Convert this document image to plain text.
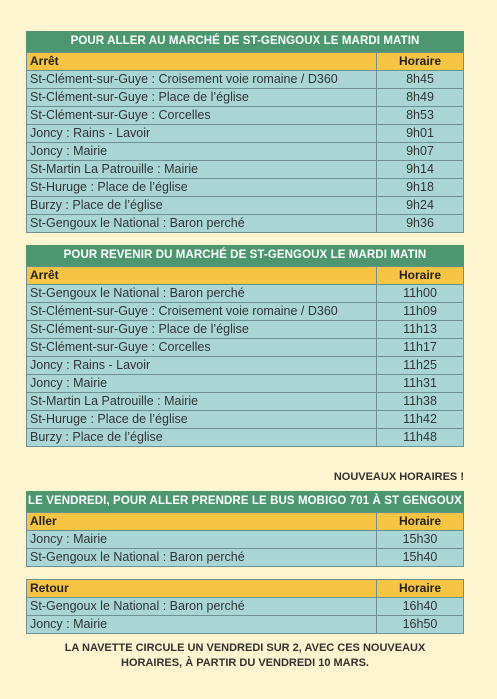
POUR ALLER AU MARCHÉ DE ST-GENGOUX LE MARDI MATIN
Arrêt	Horaire
St-Clément-sur-Guye : Croisement voie romaine / D360	8h45
St-Clément-sur-Guye : Place de l’église	8h49
St-Clément-sur-Guye : Corcelles	8h53
Joncy : Rains - Lavoir	9h01
Joncy : Mairie	9h07
St-Martin La Patrouille : Mairie	9h14
St-Huruge : Place de l’église	9h18
Burzy : Place de l’église	9h24
St-Gengoux le National : Baron perché	9h36
POUR REVENIR DU MARCHÉ DE ST-GENGOUX LE MARDI MATIN
Arrêt	Horaire
St-Gengoux le National : Baron perché	11h00
St-Clément-sur-Guye : Croisement voie romaine / D360	11h09
St-Clément-sur-Guye : Place de l’église	11h13
St-Clément-sur-Guye : Corcelles	11h17
Joncy : Rains - Lavoir	11h25
Joncy : Mairie	11h31
St-Martin La Patrouille : Mairie	11h38
St-Huruge : Place de l’église	11h42
Burzy : Place de l’église	11h48
NOUVEAUX HORAIRES !
LE VENDREDI, POUR ALLER PRENDRE LE BUS MOBIGO 701 À ST GENGOUX
Aller	Horaire
Joncy : Mairie	15h30
St-Gengoux le National : Baron perché	15h40
Retour	Horaire
St-Gengoux le National : Baron perché	16h40
Joncy : Mairie	16h50
LA NAVETTE CIRCULE UN VENDREDI SUR 2, AVEC CES NOUVEAUX
HORAIRES, À PARTIR DU VENDREDI 10 MARS.
